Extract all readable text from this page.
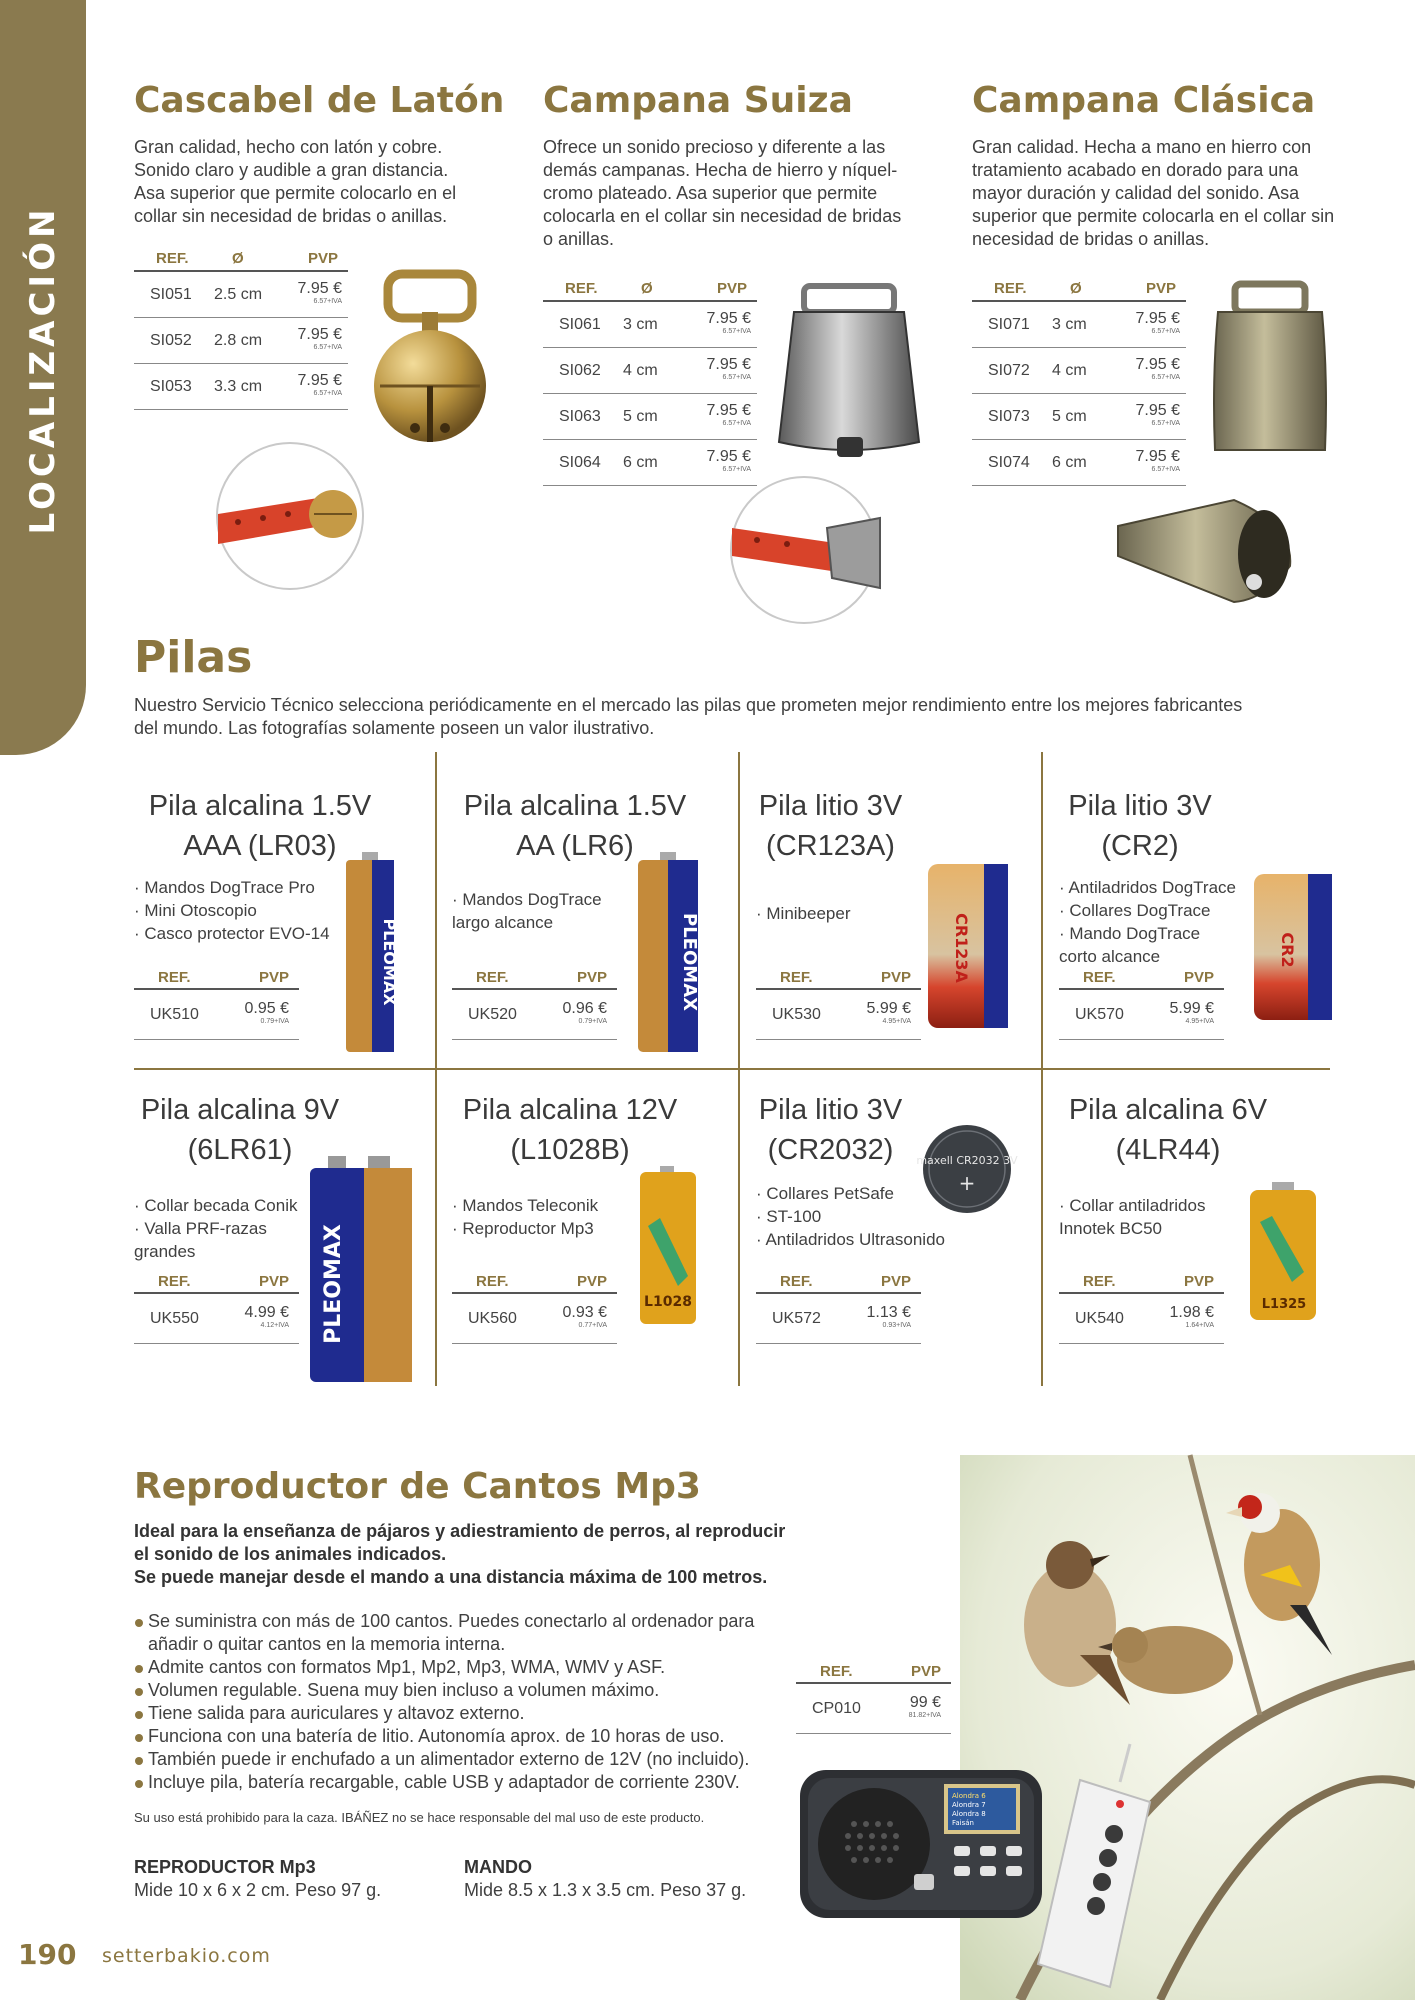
LOCALIZACIÓN
Cascabel de Latón
Gran calidad, hecho con latón y cobre. Sonido claro y audible a gran distancia. Asa superior que permite colocarlo en el collar sin necesidad de bridas o anillas.
REF.	Ø	PVP
SI051	2.5 cm	7.95 €
6.57+IVA
SI052	2.8 cm	7.95 €
6.57+IVA
SI053	3.3 cm	7.95 €
6.57+IVA
Campana Suiza
Ofrece un sonido precioso y diferente a las demás campanas. Hecha de hierro y níquel-cromo plateado. Asa superior que permite colocarla en el collar sin necesidad de bridas o anillas.
REF.	Ø	PVP
SI061	3 cm	7.95 €
6.57+IVA
SI062	4 cm	7.95 €
6.57+IVA
SI063	5 cm	7.95 €
6.57+IVA
SI064	6 cm	7.95 €
6.57+IVA
Campana Clásica
Gran calidad. Hecha a mano en hierro con tratamiento acabado en dorado para una mayor duración y calidad del sonido. Asa superior que permite colocarla en el collar sin necesidad de bridas o anillas.
REF.	Ø	PVP
SI071	3 cm	7.95 €
6.57+IVA
SI072	4 cm	7.95 €
6.57+IVA
SI073	5 cm	7.95 €
6.57+IVA
SI074	6 cm	7.95 €
6.57+IVA
Pilas
Nuestro Servicio Técnico selecciona periódicamente en el mercado las pilas que prometen mejor rendimiento entre los mejores fabricantes del mundo. Las fotografías solamente poseen un valor ilustrativo.
Pila alcalina 1.5V
AAA (LR03)
· Mandos DogTrace Pro
· Mini Otoscopio
· Casco protector EVO-14
REF.	PVP
UK510	0.95 €
0.79+IVA
PLEOMAX
Pila alcalina 1.5V
AA (LR6)
· Mandos DogTrace
largo alcance
REF.	PVP
UK520	0.96 €
0.79+IVA
PLEOMAX
Pila litio 3V
(CR123A)
· Minibeeper
REF.	PVP
UK530	5.99 €
4.95+IVA
CR123A
Pila litio 3V
(CR2)
· Antiladridos DogTrace
· Collares DogTrace
· Mando DogTrace
corto alcance
REF.	PVP
UK570	5.99 €
4.95+IVA
CR2
Pila alcalina 9V
(6LR61)
· Collar becada Conik
· Valla PRF-razas
grandes
REF.	PVP
UK550	4.99 €
4.12+IVA PLEOMAX
Pila alcalina 12V
(L1028B)
· Mandos Teleconik
· Reproductor Mp3
REF.	PVP
UK560	0.93 €
0.77+IVA
L1028
Pila litio 3V
(CR2032)
· Collares PetSafe
· ST-100
· Antiladridos Ultrasonido
REF.	PVP
UK572	1.13 €
0.93+IVA
maxell CR2032 3V
+
Pila alcalina 6V
(4LR44)
· Collar antiladridos
Innotek BC50
REF.	PVP
UK540	1.98 €
1.64+IVA
L1325
Reproductor de Cantos Mp3
Ideal para la enseñanza de pájaros y adiestramiento de perros, al reproducir
el sonido de los animales indicados.
Se puede manejar desde el mando a una distancia máxima de 100 metros.
Se suministra con más de 100 cantos. Puedes conectarlo al ordenador para añadir o quitar cantos en la memoria interna.
Admite cantos con formatos Mp1, Mp2, Mp3, WMA, WMV y ASF.
Volumen regulable. Suena muy bien incluso a volumen máximo.
Tiene salida para auriculares y altavoz externo.
Funciona con una batería de litio. Autonomía aprox. de 10 horas de uso.
También puede ir enchufado a un alimentador externo de 12V (no incluido).
Incluye pila, batería recargable, cable USB y adaptador de corriente 230V.
Su uso está prohibido para la caza. IBÁÑEZ no se hace responsable del mal uso de este producto.
REPRODUCTOR Mp3
Mide 10 x 6 x 2 cm. Peso 97 g.
MANDO
Mide 8.5 x 1.3 x 3.5 cm. Peso 37 g.
REF.	PVP
CP010	99 €
81.82+IVA
Alondra 6
Alondra 7
Alondra 8
Faisán
190 setterbakio.com
